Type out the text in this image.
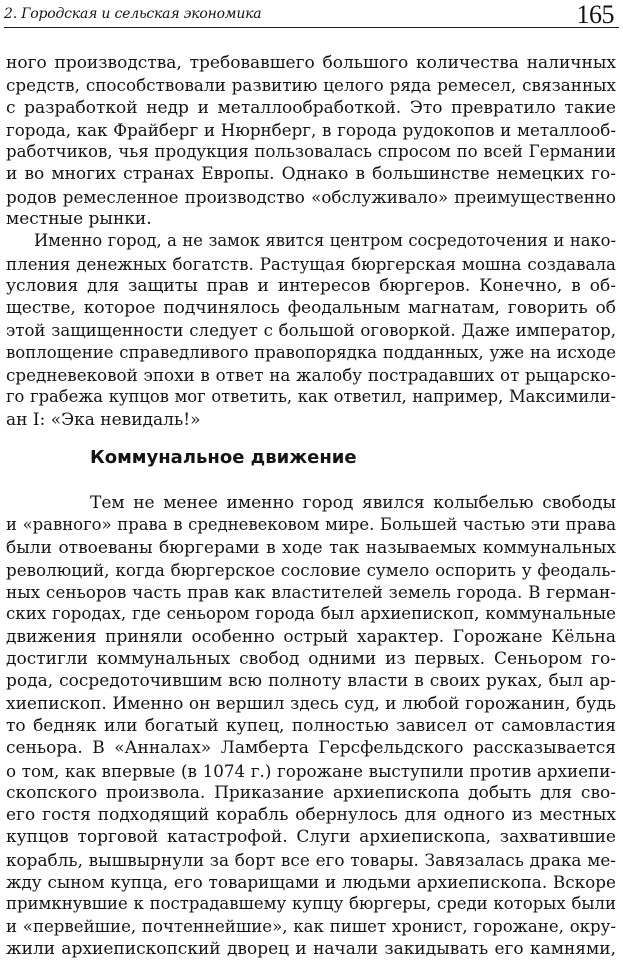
2. Городская и сельская экономика	165
ного производства, требовавшего большого количества наличных
средств, способствовали развитию целого ряда ремесел, связанных
с разработкой недр и металлообработкой. Это превратило такие
города, как Фрайберг и Нюрнберг, в города рудокопов и металлооб-
работчиков, чья продукция пользовалась спросом по всей Германии
и во многих странах Европы. Однако в большинстве немецких го-
родов ремесленное производство «обслуживало» преимущественно
местные рынки.
Именно город, а не замок явится центром сосредоточения и нако-
пления денежных богатств. Растущая бюргерская мошна создавала
условия для защиты прав и интересов бюргеров. Конечно, в об-
ществе, которое подчинялось феодальным магнатам, говорить об
этой защищенности следует с большой оговоркой. Даже император,
воплощение справедливого правопорядка подданных, уже на исходе
средневековой эпохи в ответ на жалобу пострадавших от рыцарско-
го грабежа купцов мог ответить, как ответил, например, Максимили-
ан I: «Эка невидаль!»
Коммунальное движение
Тем не менее именно город явился колыбелью свободы
и «равного» права в средневековом мире. Большей частью эти права
были отвоеваны бюргерами в ходе так называемых коммунальных
революций, когда бюргерское сословие сумело оспорить у феодаль-
ных сеньоров часть прав как властителей земель города. В герман-
ских городах, где сеньором города был архиепископ, коммунальные
движения приняли особенно острый характер. Горожане Кёльна
достигли коммунальных свобод одними из первых. Сеньором го-
рода, сосредоточившим всю полноту власти в своих руках, был ар-
хиепископ. Именно он вершил здесь суд, и любой горожанин, будь
то бедняк или богатый купец, полностью зависел от самовластия
сеньора. В «Анналах» Ламберта Герсфельдского рассказывается
о том, как впервые (в 1074 г.) горожане выступили против архиепи-
скопского произвола. Приказание архиепископа добыть для сво-
его гостя подходящий корабль обернулось для одного из местных
купцов торговой катастрофой. Слуги архиепископа, захватившие
корабль, вышвырнули за борт все его товары. Завязалась драка ме-
жду сыном купца, его товарищами и людьми архиепископа. Вскоре
примкнувшие к пострадавшему купцу бюргеры, среди которых были
и «первейшие, почтеннейшие», как пишет хронист, горожане, окру-
жили архиепископский дворец и начали закидывать его камнями,
